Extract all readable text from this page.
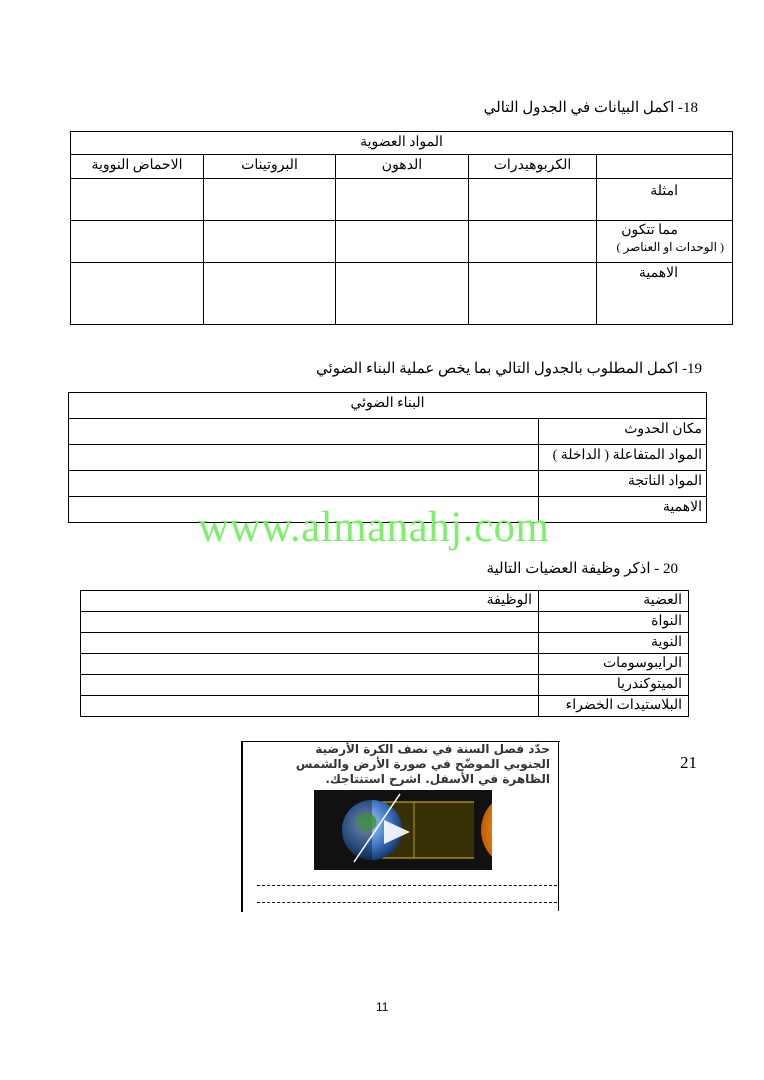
18- اكمل البيانات في الجدول التالي
المواد العضوية				
	الكربوهيدرات	الدهون	البروتينات	الاحماض النووية

امثلة				

مما تتكون
( الوحدات او العناصر )				

الاهمية				

19- اكمل المطلوب بالجدول التالي بما يخص عملية البناء الضوئي
البناء الضوئي	
مكان الحدوث	
المواد المتفاعلة ( الداخلة )	
المواد الناتجة	
الاهمية	
www.almanahj.com
20 - اذكر وظيفة العضيات التالية
العضية	الوظيفة
النواة	
النوية	
الرايبوسومات	
الميتوكندريا	
البلاستيدات الخضراء	
21
حدّد فصل السنة في نصف الكرة الأرضية
الجنوبي الموضّح في صورة الأرض والشمس
الظاهرة في الأسفل. اشرح استنتاجك.
11
